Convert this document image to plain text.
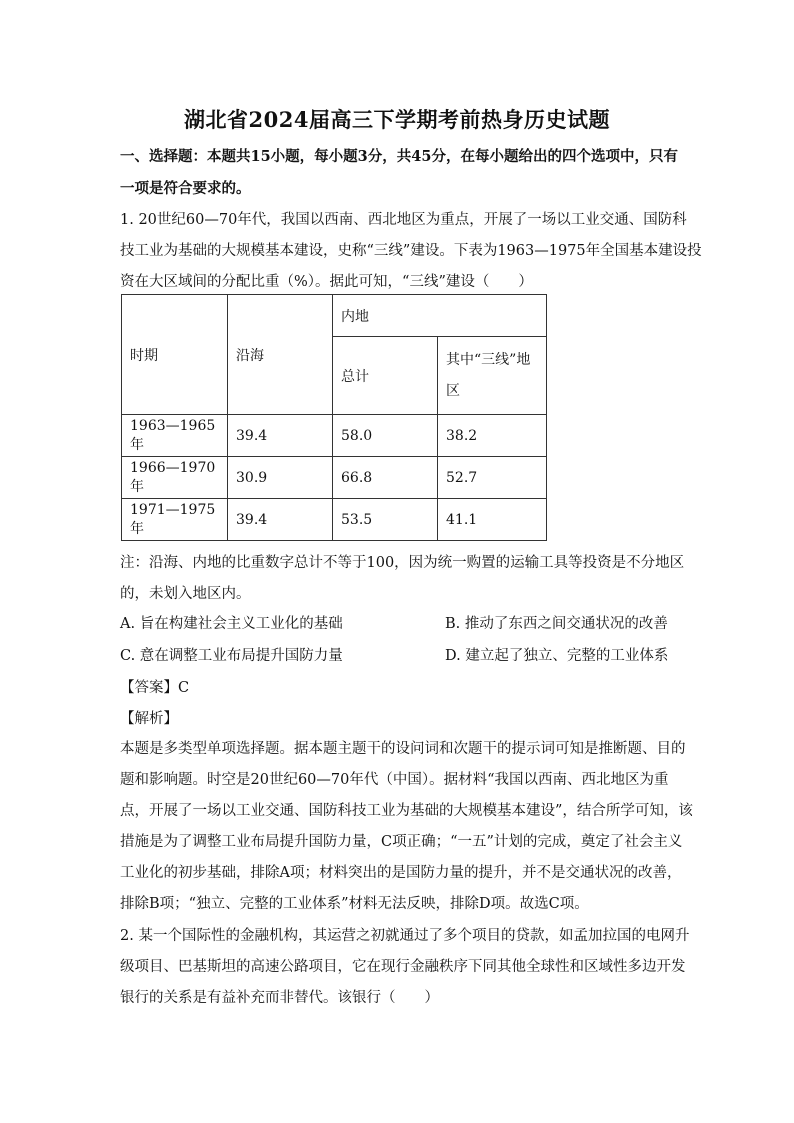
湖北省2024届高三下学期考前热身历史试题
一、选择题：本题共15小题，每小题3分，共45分，在每小题给出的四个选项中，只有
一项是符合要求的。
1. 20世纪60—70年代，我国以西南、西北地区为重点，开展了一场以工业交通、国防科
技工业为基础的大规模基本建设，史称“三线”建设。下表为1963—1975年全国基本建设投
资在大区域间的分配比重（%）。据此可知，“三线”建设（　　）
时期	沿海	内地	
		总计	其中“三线”地
区
1963—1965年	39.4	58.0	38.2
1966—1970年	30.9	66.8	52.7
1971—1975年	39.4	53.5	41.1
注：沿海、内地的比重数字总计不等于100，因为统一购置的运输工具等投资是不分地区
的，未划入地区内。
A. 旨在构建社会主义工业化的基础	B. 推动了东西之间交通状况的改善
C. 意在调整工业布局提升国防力量	D. 建立起了独立、完整的工业体系
【答案】C
【解析】
本题是多类型单项选择题。据本题主题干的设问词和次题干的提示词可知是推断题、目的
题和影响题。时空是20世纪60—70年代（中国）。据材料“我国以西南、西北地区为重
点，开展了一场以工业交通、国防科技工业为基础的大规模基本建设”，结合所学可知，该
措施是为了调整工业布局提升国防力量，C项正确；“一五”计划的完成，奠定了社会主义
工业化的初步基础，排除A项；材料突出的是国防力量的提升，并不是交通状况的改善，
排除B项；“独立、完整的工业体系”材料无法反映，排除D项。故选C项。
2. 某一个国际性的金融机构，其运营之初就通过了多个项目的贷款，如孟加拉国的电网升
级项目、巴基斯坦的高速公路项目，它在现行金融秩序下同其他全球性和区域性多边开发
银行的关系是有益补充而非替代。该银行（　　）
